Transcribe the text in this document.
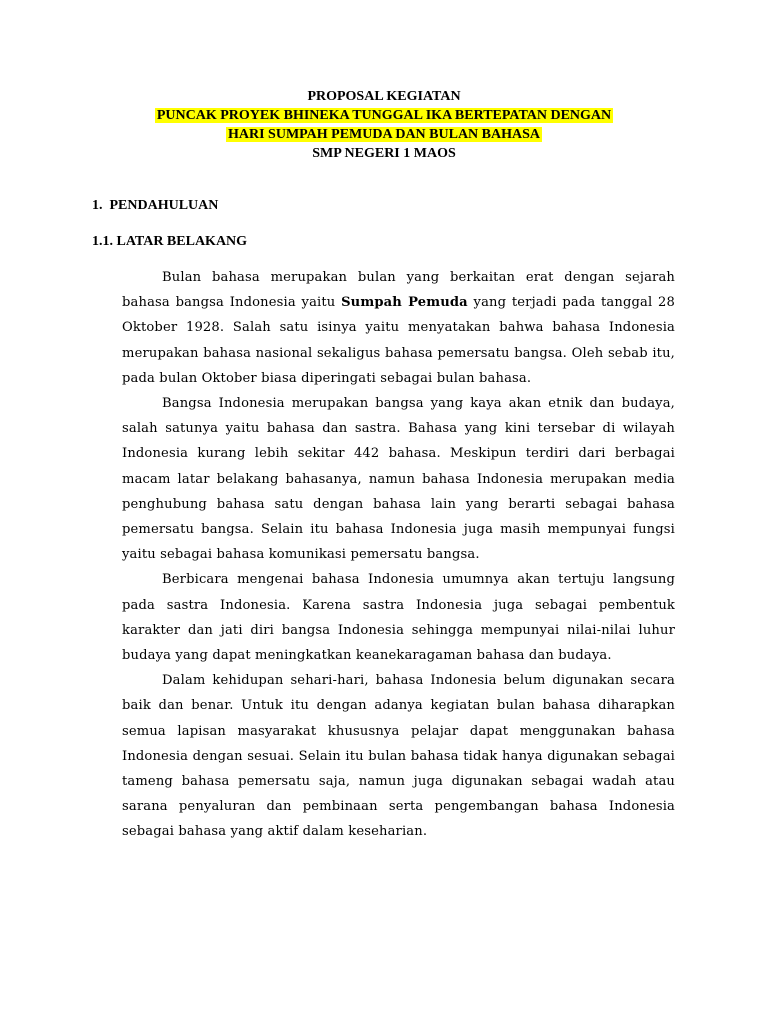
PROPOSAL KEGIATAN
PUNCAK PROYEK BHINEKA TUNGGAL IKA BERTEPATAN DENGAN
HARI SUMPAH PEMUDA DAN BULAN BAHASA
SMP NEGERI 1 MAOS
1.  PENDAHULUAN
1.1. LATAR BELAKANG

Bulan bahasa merupakan bulan yang berkaitan erat dengan sejarah bahasa bangsa Indonesia yaitu Sumpah Pemuda yang terjadi pada tanggal 28 Oktober 1928. Salah satu isinya yaitu menyatakan bahwa bahasa Indonesia merupakan bahasa nasional sekaligus bahasa pemersatu bangsa. Oleh sebab itu, pada bulan Oktober biasa diperingati sebagai bulan bahasa.

Bangsa Indonesia merupakan bangsa yang kaya akan etnik dan budaya, salah satunya yaitu bahasa dan sastra. Bahasa yang kini tersebar di wilayah Indonesia kurang lebih sekitar 442 bahasa. Meskipun terdiri dari berbagai macam latar belakang bahasanya, namun bahasa Indonesia merupakan media penghubung bahasa satu dengan bahasa lain yang berarti sebagai bahasa pemersatu bangsa. Selain itu bahasa Indonesia juga masih mempunyai fungsi yaitu sebagai bahasa komunikasi pemersatu bangsa.

Berbicara mengenai bahasa Indonesia umumnya akan tertuju langsung pada sastra Indonesia. Karena sastra Indonesia juga sebagai pembentuk karakter dan jati diri bangsa Indonesia sehingga mempunyai nilai-nilai luhur budaya yang dapat meningkatkan keanekaragaman bahasa dan budaya.

Dalam kehidupan sehari-hari, bahasa Indonesia belum digunakan secara baik dan benar. Untuk itu dengan adanya kegiatan bulan bahasa diharapkan semua lapisan masyarakat khususnya pelajar dapat menggunakan bahasa Indonesia dengan sesuai. Selain itu bulan bahasa tidak hanya digunakan sebagai tameng bahasa pemersatu saja, namun juga digunakan sebagai wadah atau sarana penyaluran dan pembinaan serta pengembangan bahasa Indonesia sebagai bahasa yang aktif dalam keseharian.
